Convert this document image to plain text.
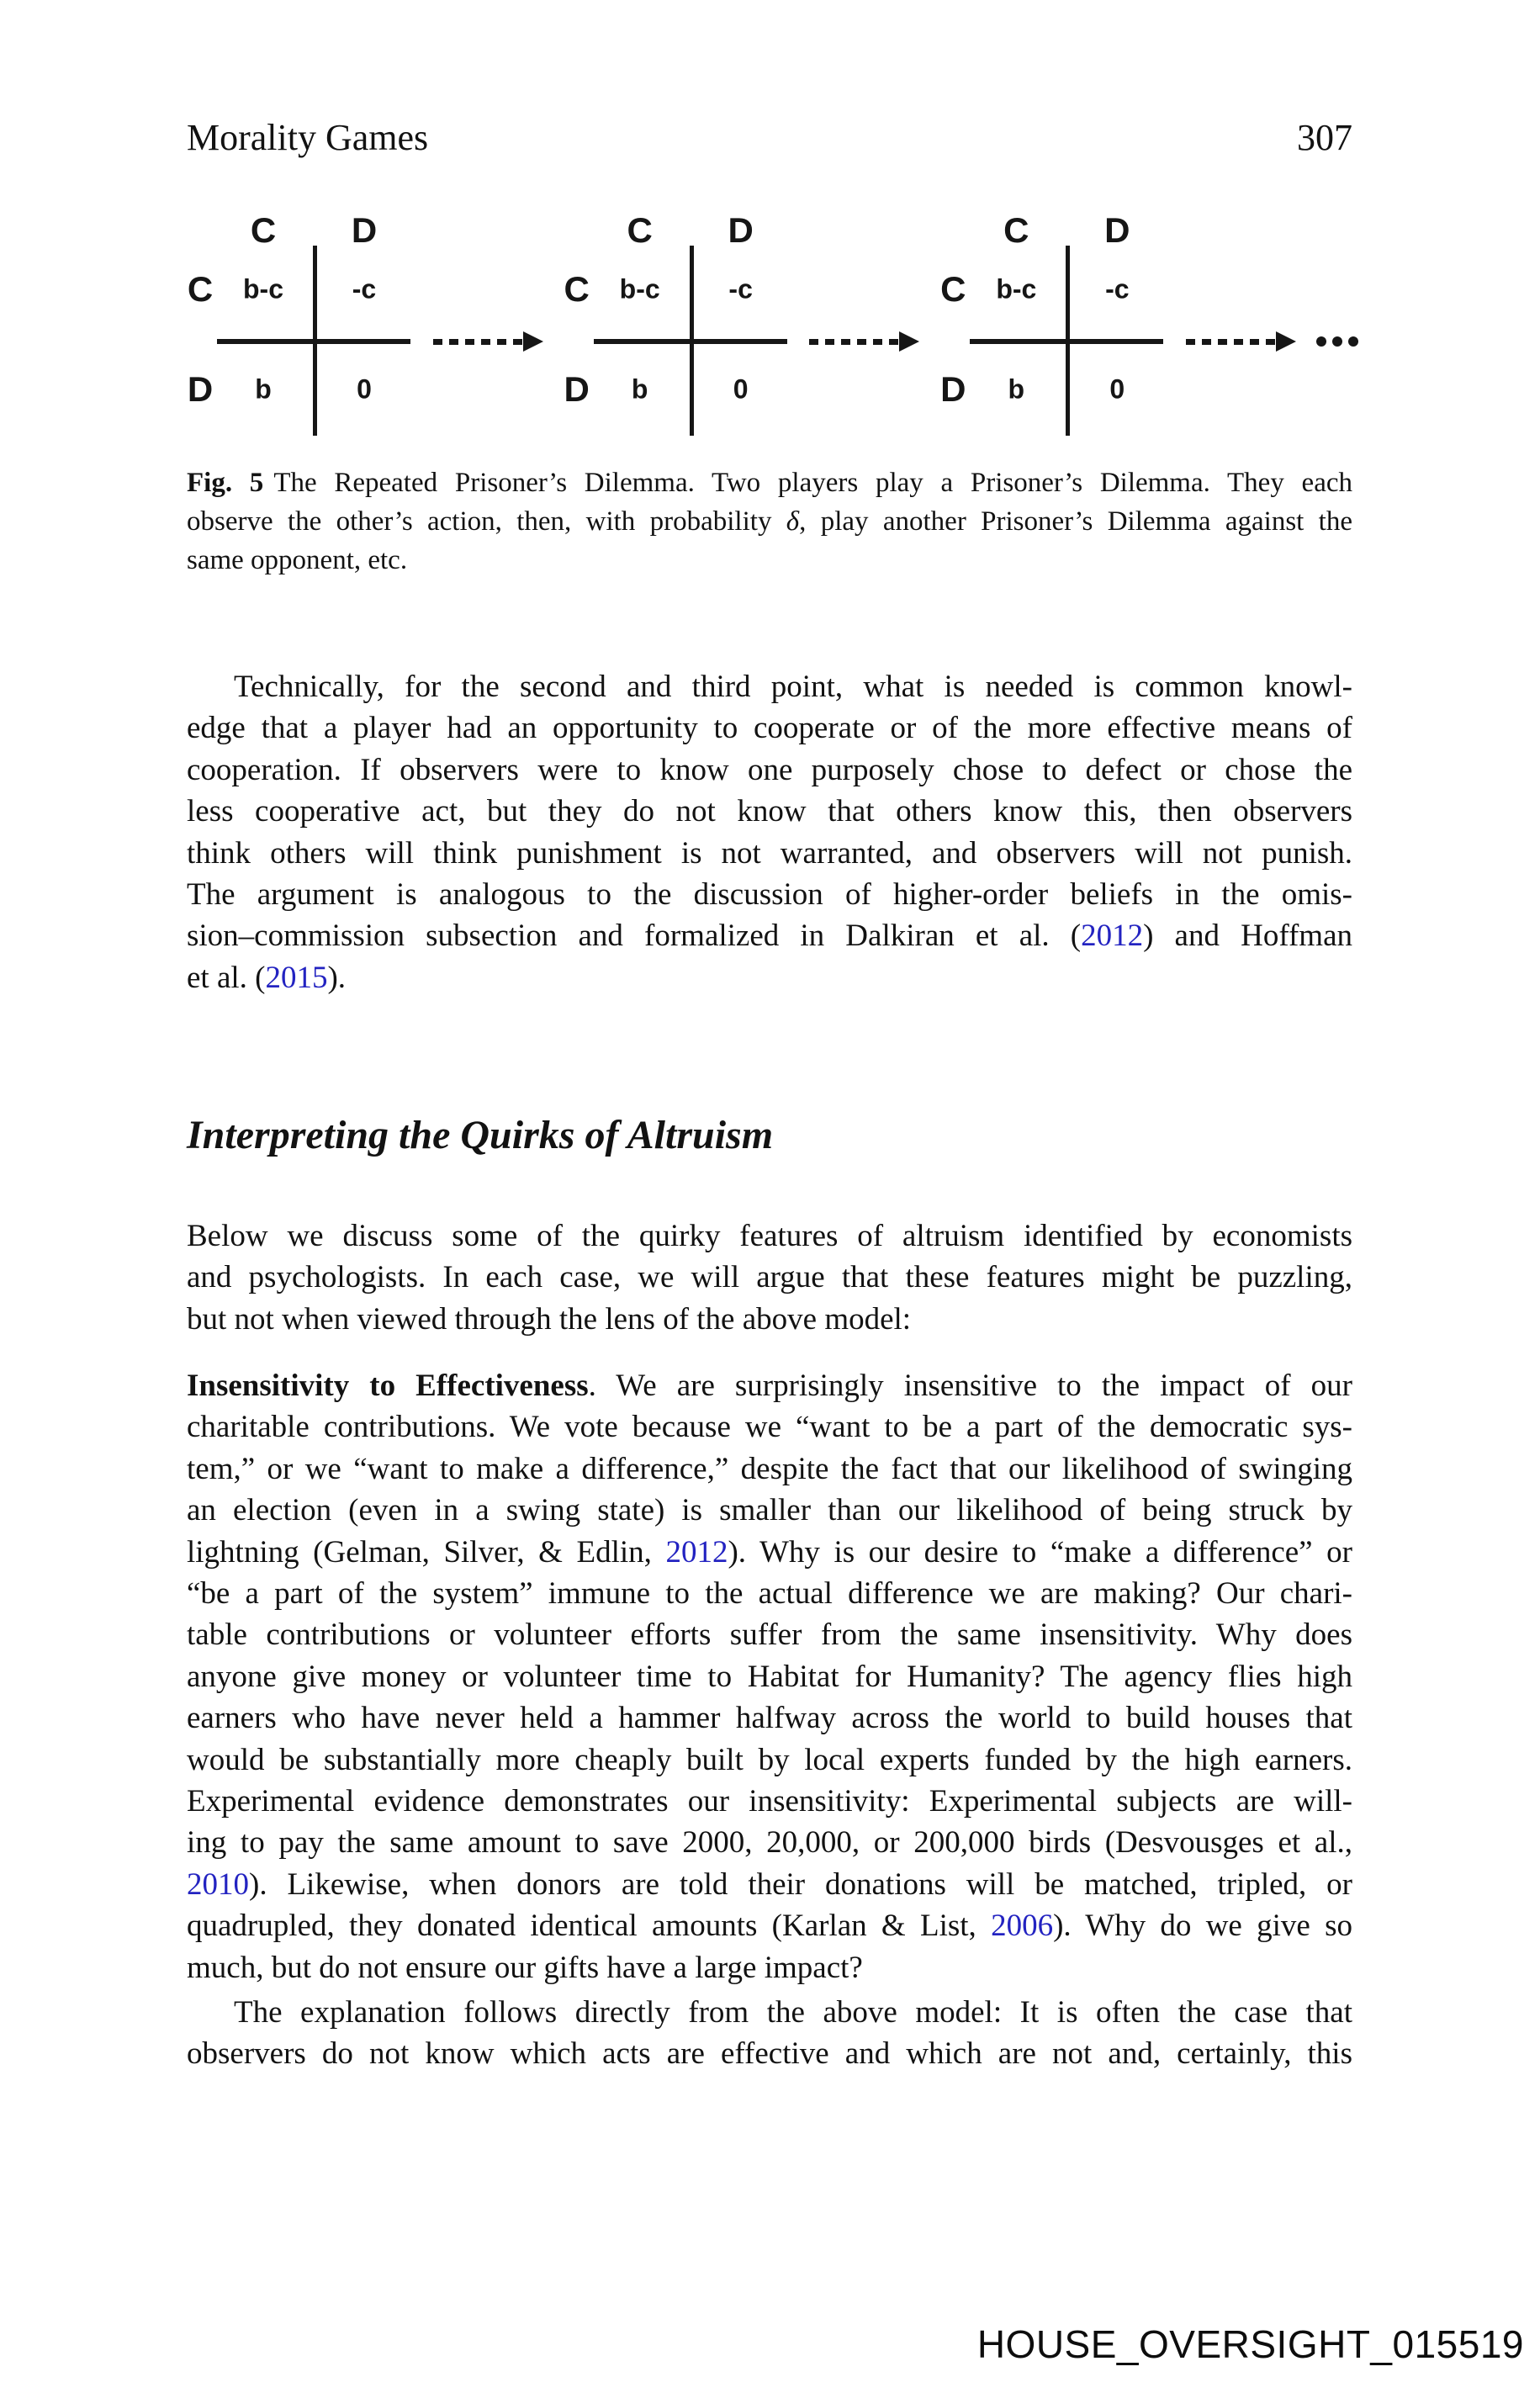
Morality Games	307
C D
C b-c	-c
D b	0
C D
C b-c	-c
D b	0
C D
C b-c	-c
D b	0
Fig. 5 The Repeated Prisoner’s Dilemma. Two players play a Prisoner’s Dilemma. They each
observe the other’s action, then, with probability δ, play another Prisoner’s Dilemma against the
same opponent, etc.
Technically, for the second and third point, what is needed is common knowl-
edge that a player had an opportunity to cooperate or of the more effective means of
cooperation. If observers were to know one purposely chose to defect or chose the
less cooperative act, but they do not know that others know this, then observers
think others will think punishment is not warranted, and observers will not punish.
The argument is analogous to the discussion of higher-order beliefs in the omis-
sion–commission subsection and formalized in Dalkiran et al. (2012) and Hoffman
et al. (2015).
Interpreting the Quirks of Altruism
Below we discuss some of the quirky features of altruism identified by economists
and psychologists. In each case, we will argue that these features might be puzzling,
but not when viewed through the lens of the above model:
Insensitivity to Effectiveness. We are surprisingly insensitive to the impact of our
charitable contributions. We vote because we “want to be a part of the democratic sys-
tem,” or we “want to make a difference,” despite the fact that our likelihood of swinging
an election (even in a swing state) is smaller than our likelihood of being struck by
lightning (Gelman, Silver, & Edlin, 2012). Why is our desire to “make a difference” or
“be a part of the system” immune to the actual difference we are making? Our chari-
table contributions or volunteer efforts suffer from the same insensitivity. Why does
anyone give money or volunteer time to Habitat for Humanity? The agency flies high
earners who have never held a hammer halfway across the world to build houses that
would be substantially more cheaply built by local experts funded by the high earners.
Experimental evidence demonstrates our insensitivity: Experimental subjects are will-
ing to pay the same amount to save 2000, 20,000, or 200,000 birds (Desvousges et al.,
2010). Likewise, when donors are told their donations will be matched, tripled, or
quadrupled, they donated identical amounts (Karlan & List, 2006). Why do we give so
much, but do not ensure our gifts have a large impact?
The explanation follows directly from the above model: It is often the case that
observers do not know which acts are effective and which are not and, certainly, this
HOUSE_OVERSIGHT_015519
